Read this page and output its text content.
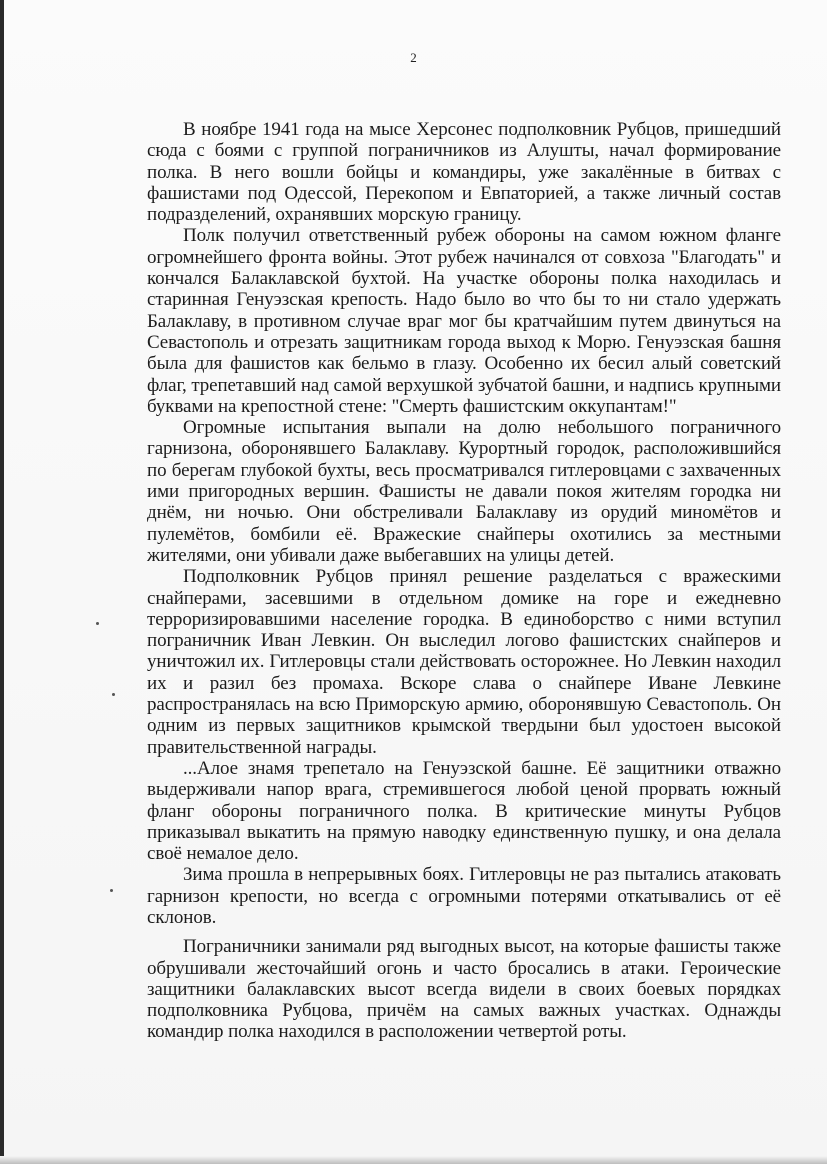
2

В ноябре 1941 года на мысе Херсонес подполковник Рубцов, пришедший сюда с боями с группой пограничников из Алушты, начал формирование полка. В него вошли бойцы и командиры, уже закалённые в битвах с фашистами под Одессой, Перекопом и Евпаторией, а также личный состав подразделений, охранявших морскую границу.

Полк получил ответственный рубеж обороны на самом южном фланге огромнейшего фронта войны. Этот рубеж начинался от совхоза "Благодать" и кончался Балаклавской бухтой. На участке обороны полка находилась и старинная Генуэзская крепость. Надо было во что бы то ни стало удержать Балаклаву, в противном случае враг мог бы кратчайшим путем двинуться на Севастополь и отрезать защитникам города выход к Морю. Генуэзская башня была для фашистов как бельмо в глазу. Особенно их бесил алый советский флаг, трепетавший над самой верхушкой зубчатой башни, и надпись крупными буквами на крепостной стене: "Смерть фашистским оккупантам!"

Огромные испытания выпали на долю небольшого пограничного гарнизона, оборонявшего Балаклаву. Курортный городок, расположившийся по берегам глубокой бухты, весь просматривался гитлеровцами с захваченных ими пригородных вершин. Фашисты не давали покоя жителям городка ни днём, ни ночью. Они обстреливали Балаклаву из орудий миномётов и пулемётов, бомбили её. Вражеские снайперы охотились за местными жителями, они убивали даже выбегавших на улицы детей.

Подполковник Рубцов принял решение разделаться с вражескими снайперами, засевшими в отдельном домике на горе и ежедневно терроризировавшими население городка. В единоборство с ними вступил пограничник Иван Левкин. Он выследил логово фашистских снайперов и уничтожил их. Гитлеровцы стали действовать осторожнее. Но Левкин находил их и разил без промаха. Вскоре слава о снайпере Иване Левкине распространялась на всю Приморскую армию, оборонявшую Севастополь. Он одним из первых защитников крымской твердыни был удостоен высокой правительственной награды.

...Алое знамя трепетало на Генуэзской башне. Её защитники отважно выдерживали напор врага, стремившегося любой ценой прорвать южный фланг обороны пограничного полка. В критические минуты Рубцов приказывал выкатить на прямую наводку единственную пушку, и она делала своё немалое дело.

Зима прошла в непрерывных боях. Гитлеровцы не раз пытались атаковать гарнизон крепости, но всегда с огромными потерями откатывались от её склонов.

Пограничники занимали ряд выгодных высот, на которые фашисты также обрушивали жесточайший огонь и часто бросались в атаки. Героические защитники балаклавских высот всегда видели в своих боевых порядках подполковника Рубцова, причём на самых важных участках. Однажды командир полка находился в расположении четвертой роты.
